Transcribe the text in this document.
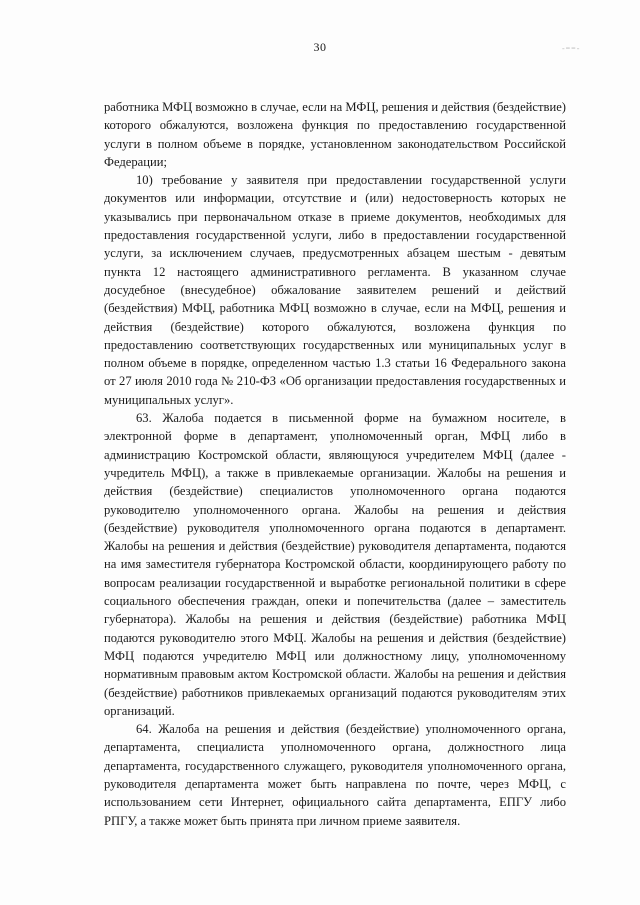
30	-==-

работника МФЦ возможно в случае, если на МФЦ, решения и действия (бездействие) которого обжалуются, возложена функция по предоставлению государственной услуги в полном объеме в порядке, установленном законодательством Российской Федерации;

10) требование у заявителя при предоставлении государственной услуги документов или информации, отсутствие и (или) недостоверность которых не указывались при первоначальном отказе в приеме документов, необходимых для предоставления государственной услуги, либо в предоставлении государственной услуги, за исключением случаев, предусмотренных абзацем шестым - девятым пункта 12 настоящего административного регламента. В указанном случае досудебное (внесудебное) обжалование заявителем решений и действий (бездействия) МФЦ, работника МФЦ возможно в случае, если на МФЦ, решения и действия (бездействие) которого обжалуются, возложена функция по предоставлению соответствующих государственных или муниципальных услуг в полном объеме в порядке, определенном частью 1.3 статьи 16 Федерального закона от 27 июля 2010 года № 210-ФЗ «Об организации предоставления государственных и муниципальных услуг».

63. Жалоба подается в письменной форме на бумажном носителе, в электронной форме в департамент, уполномоченный орган, МФЦ либо в администрацию Костромской области, являющуюся учредителем МФЦ (далее - учредитель МФЦ), а также в привлекаемые организации. Жалобы на решения и действия (бездействие) специалистов уполномоченного органа подаются руководителю уполномоченного органа. Жалобы на решения и действия (бездействие) руководителя уполномоченного органа подаются в департамент. Жалобы на решения и действия (бездействие) руководителя департамента, подаются на имя заместителя губернатора Костромской области, координирующего работу по вопросам реализации государственной и выработке региональной политики в сфере социального обеспечения граждан, опеки и попечительства (далее – заместитель губернатора). Жалобы на решения и действия (бездействие) работника МФЦ подаются руководителю этого МФЦ. Жалобы на решения и действия (бездействие) МФЦ подаются учредителю МФЦ или должностному лицу, уполномоченному нормативным правовым актом Костромской области. Жалобы на решения и действия (бездействие) работников привлекаемых организаций подаются руководителям этих организаций.

64. Жалоба на решения и действия (бездействие) уполномоченного органа, департамента, специалиста уполномоченного органа, должностного лица департамента, государственного служащего, руководителя уполномоченного органа, руководителя департамента может быть направлена по почте, через МФЦ, с использованием сети Интернет, официального сайта департамента, ЕПГУ либо РПГУ, а также может быть принята при личном приеме заявителя.
